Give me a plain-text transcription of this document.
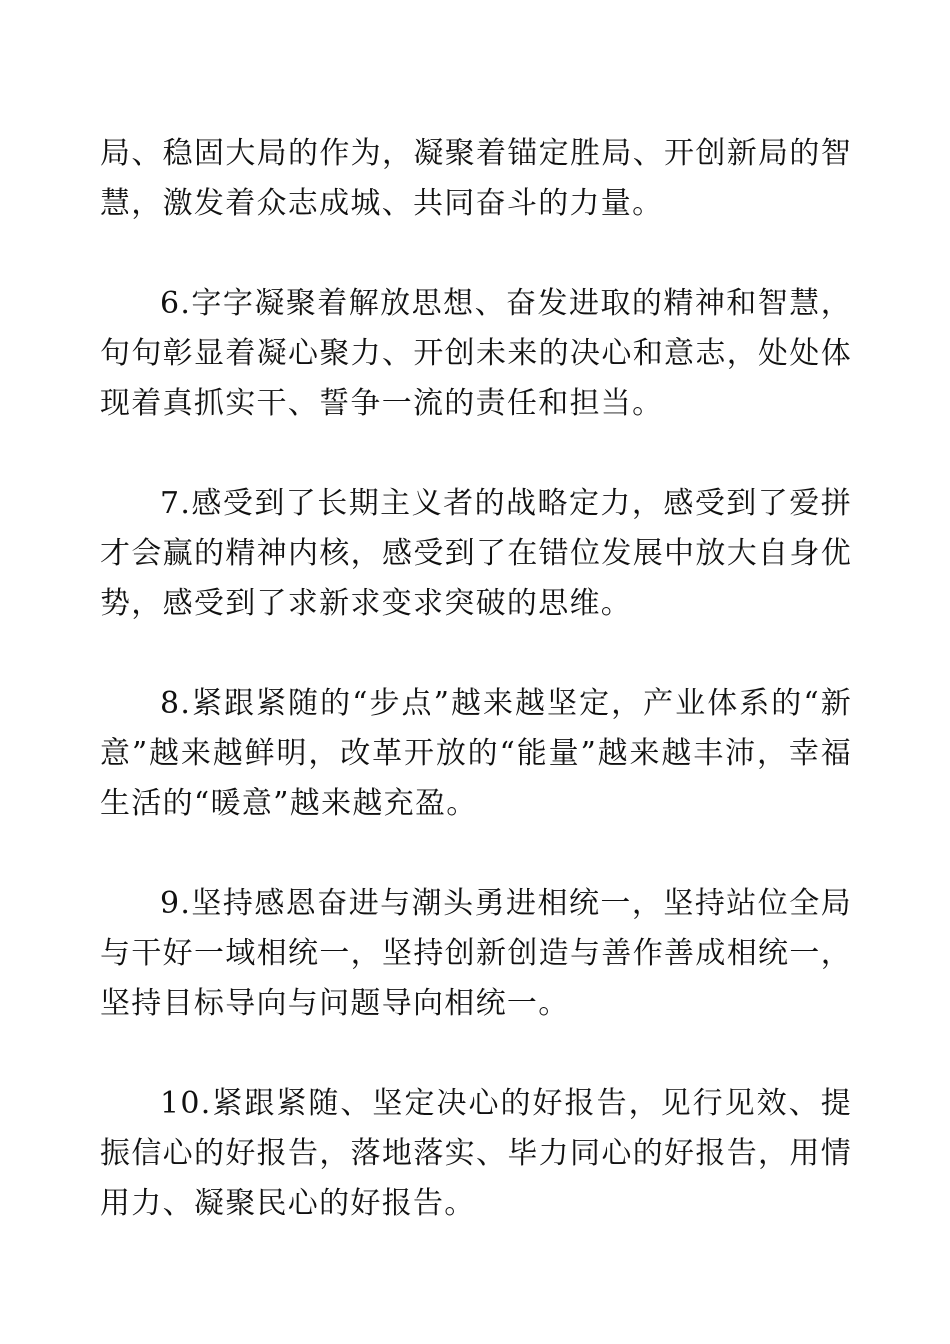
局、稳固大局的作为，凝聚着锚定胜局、开创新局的智慧，激发着众志成城、共同奋斗的力量。

6.字字凝聚着解放思想、奋发进取的精神和智慧，句句彰显着凝心聚力、开创未来的决心和意志，处处体现着真抓实干、誓争一流的责任和担当。

7.感受到了长期主义者的战略定力，感受到了爱拼才会赢的精神内核，感受到了在错位发展中放大自身优势，感受到了求新求变求突破的思维。

8.紧跟紧随的“步点”越来越坚定，产业体系的“新意”越来越鲜明，改革开放的“能量”越来越丰沛，幸福生活的“暖意”越来越充盈。

9.坚持感恩奋进与潮头勇进相统一，坚持站位全局与干好一域相统一，坚持创新创造与善作善成相统一，坚持目标导向与问题导向相统一。

10.紧跟紧随、坚定决心的好报告，见行见效、提振信心的好报告，落地落实、毕力同心的好报告，用情用力、凝聚民心的好报告。
